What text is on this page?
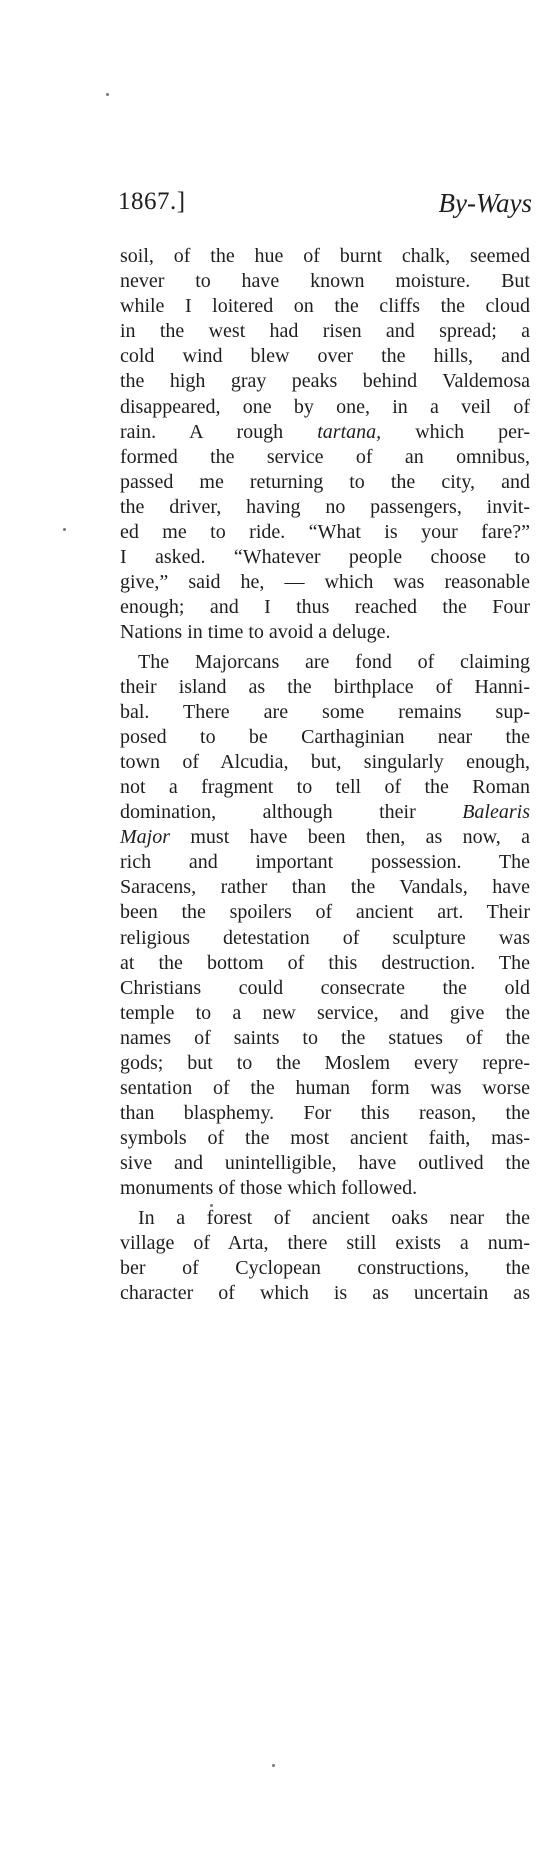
1867.]	By-Ways
soil, of the hue of burnt chalk, seemed
never to have known moisture. But
while I loitered on the cliffs the cloud
in the west had risen and spread; a
cold wind blew over the hills, and
the high gray peaks behind Valdemosa
disappeared, one by one, in a veil of
rain. A rough tartana, which per-
formed the service of an omnibus,
passed me returning to the city, and
the driver, having no passengers, invit-
ed me to ride. “What is your fare?”
I asked. “Whatever people choose to
give,” said he, — which was reasonable
enough; and I thus reached the Four
Nations in time to avoid a deluge.
The Majorcans are fond of claiming
their island as the birthplace of Hanni-
bal. There are some remains sup-
posed to be Carthaginian near the
town of Alcudia, but, singularly enough,
not a fragment to tell of the Roman
domination, although their Balearis
Major must have been then, as now, a
rich and important possession. The
Saracens, rather than the Vandals, have
been the spoilers of ancient art. Their
religious detestation of sculpture was
at the bottom of this destruction. The
Christians could consecrate the old
temple to a new service, and give the
names of saints to the statues of the
gods; but to the Moslem every repre-
sentation of the human form was worse
than blasphemy. For this reason, the
symbols of the most ancient faith, mas-
sive and unintelligible, have outlived the
monuments of those which followed.
In a forest of ancient oaks near the
village of Arta, there still exists a num-
ber of Cyclopean constructions, the
character of which is as uncertain as
